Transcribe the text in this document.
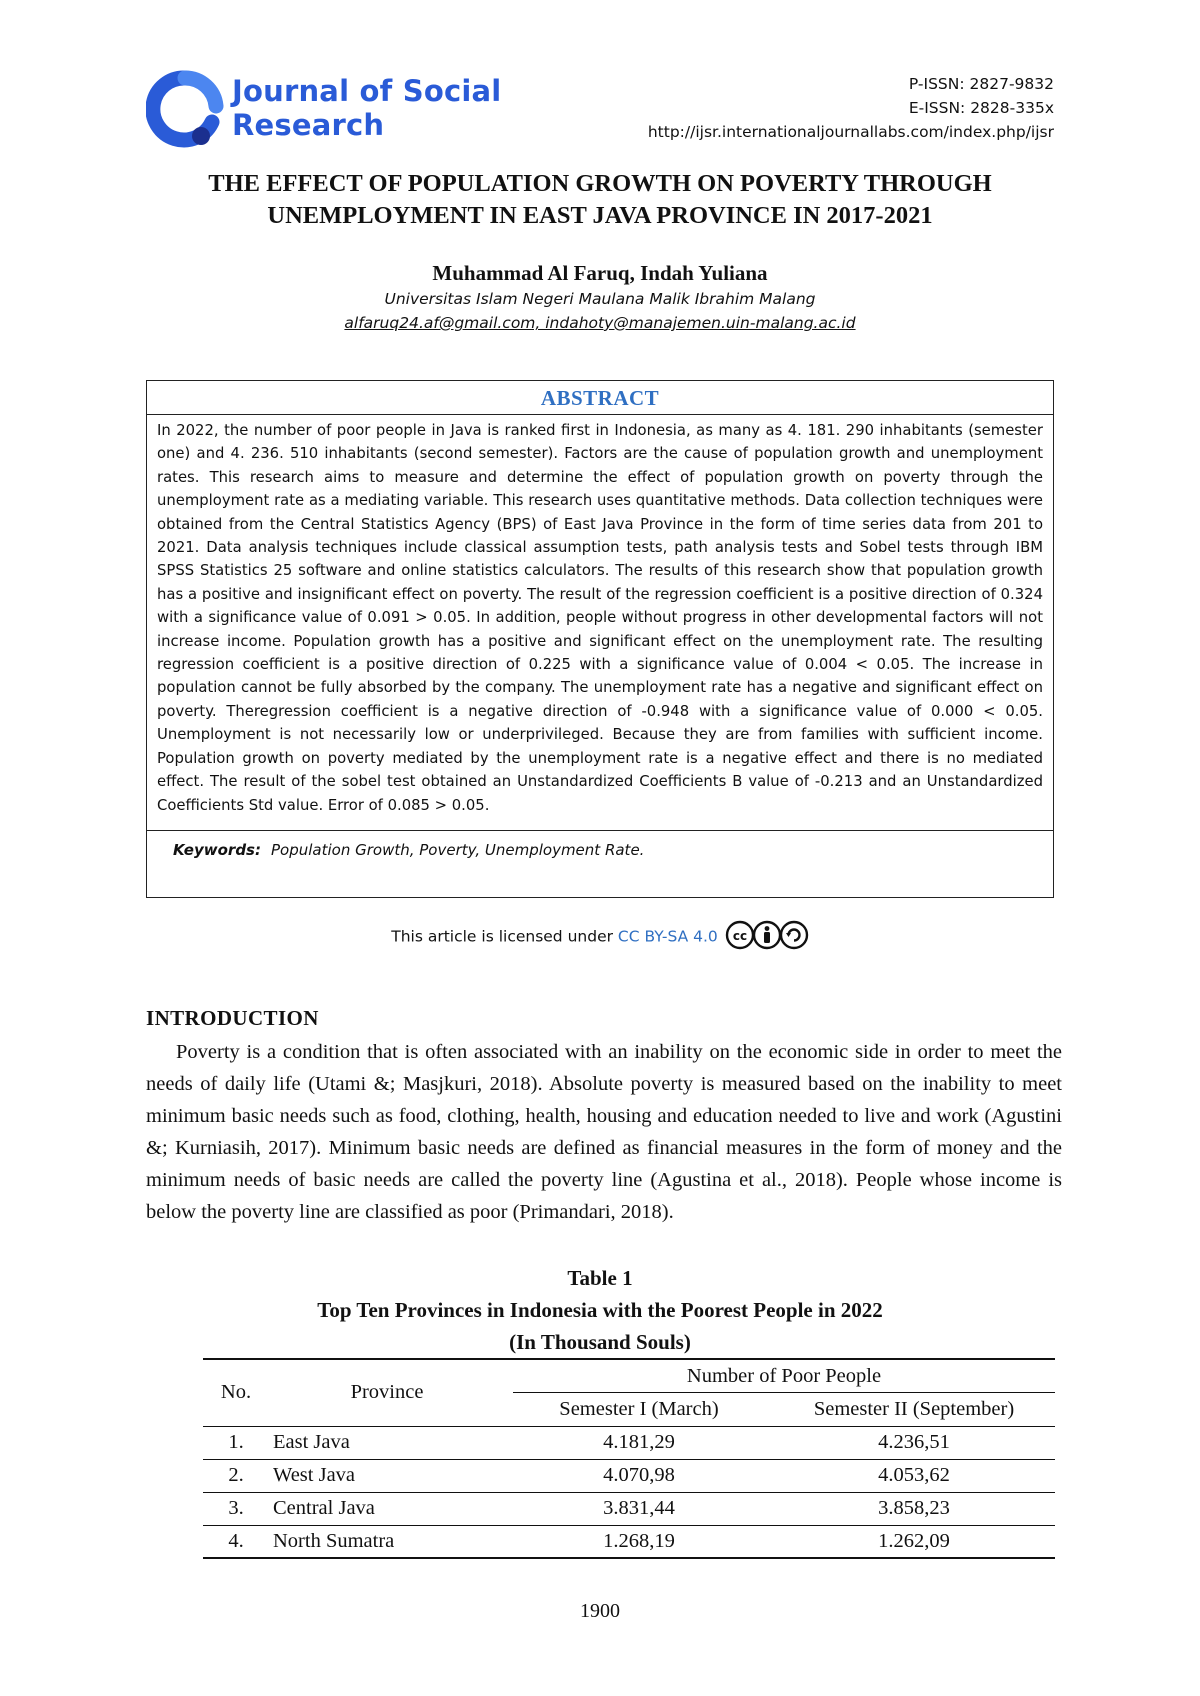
Journal of Social
Research
P-ISSN: 2827-9832
E-ISSN: 2828-335x
http://ijsr.internationaljournallabs.com/index.php/ijsr
THE EFFECT OF POPULATION GROWTH ON POVERTY THROUGH
UNEMPLOYMENT IN EAST JAVA PROVINCE IN 2017-2021
Muhammad Al Faruq, Indah Yuliana
Universitas Islam Negeri Maulana Malik Ibrahim Malang
alfaruq24.af@gmail.com, indahoty@manajemen.uin-malang.ac.id
ABSTRACT
In 2022, the number of poor people in Java is ranked first in Indonesia, as many as 4. 181. 290 inhabitants (semester one) and 4. 236. 510 inhabitants (second semester). Factors are the cause of population growth and unemployment rates. This research aims to measure and determine the effect of population growth on poverty through the unemployment rate as a mediating variable. This research uses quantitative methods. Data collection techniques were obtained from the Central Statistics Agency (BPS) of East Java Province in the form of time series data from 201 to 2021. Data analysis techniques include classical assumption tests, path analysis tests and Sobel tests through IBM SPSS Statistics 25 software and online statistics calculators. The results of this research show that population growth has a positive and insignificant effect on poverty. The result of the regression coefficient is a positive direction of 0.324 with a significance value of 0.091 > 0.05. In addition, people without progress in other developmental factors will not increase income. Population growth has a positive and significant effect on the unemployment rate. The resulting regression coefficient is a positive direction of 0.225 with a significance value of 0.004 < 0.05. The increase in population cannot be fully absorbed by the company. The unemployment rate has a negative and significant effect on poverty. Theregression coefficient is a negative direction of -0.948 with a significance value of 0.000 < 0.05. Unemployment is not necessarily low or underprivileged. Because they are from families with sufficient income. Population growth on poverty mediated by the unemployment rate is a negative effect and there is no mediated effect. The result of the sobel test obtained an Unstandardized Coefficients B value of -0.213 and an Unstandardized Coefficients Std value. Error of 0.085 > 0.05.
Keywords: Population Growth, Poverty, Unemployment Rate.
This article is licensed under CC BY-SA 4.0 cc
INTRODUCTION
Poverty is a condition that is often associated with an inability on the economic side in order to meet the needs of daily life (Utami &; Masjkuri, 2018). Absolute poverty is measured based on the inability to meet minimum basic needs such as food, clothing, health, housing and education needed to live and work (Agustini &; Kurniasih, 2017). Minimum basic needs are defined as financial measures in the form of money and the minimum needs of basic needs are called the poverty line (Agustina et al., 2018). People whose income is below the poverty line are classified as poor (Primandari, 2018).
Table 1
Top Ten Provinces in Indonesia with the Poorest People in 2022
(In Thousand Souls)
No.	Province	Number of Poor People	

		Semester I (March)	Semester II (September)
1.	East Java	4.181,29	4.236,51
2.	West Java	4.070,98	4.053,62
3.	Central Java	3.831,44	3.858,23
4.	North Sumatra	1.268,19	1.262,09
1900
